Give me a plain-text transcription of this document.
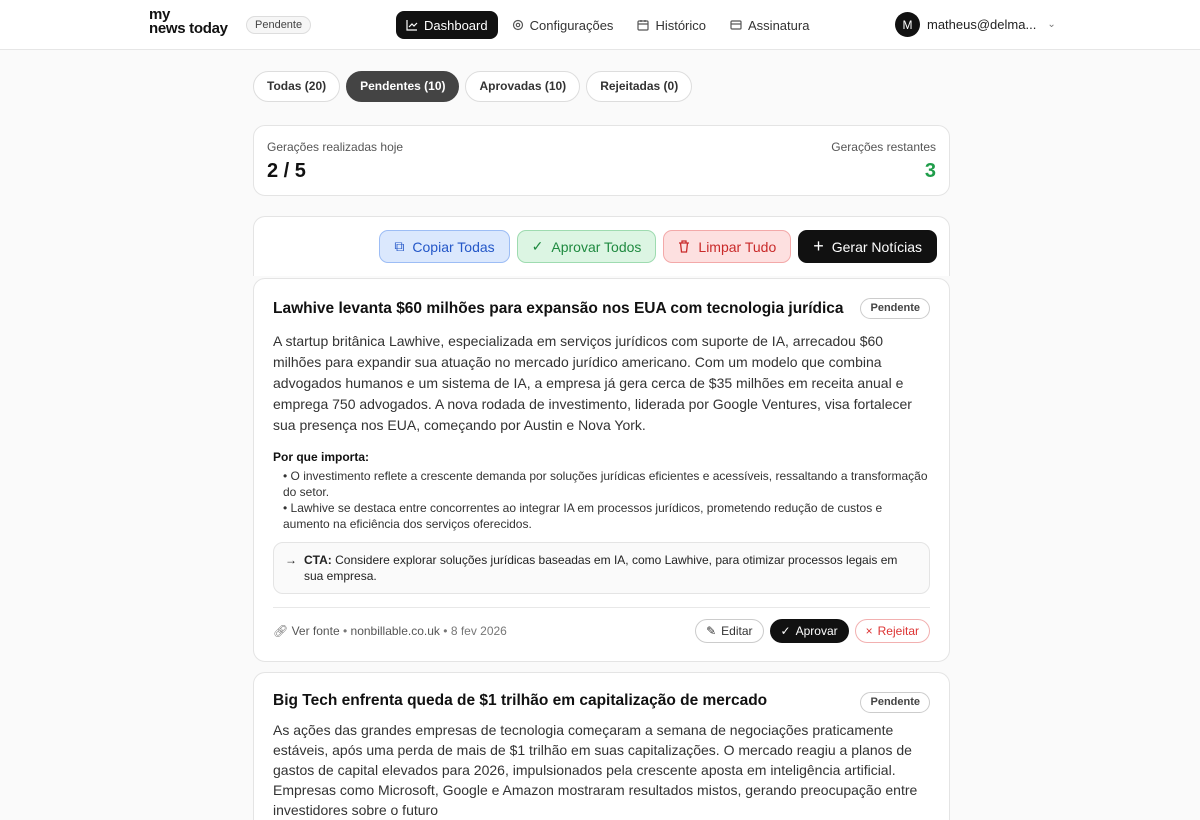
my
news today	Pendente	Dashboard	Configurações	Histórico	Assinatura	M	matheus@delma... ⌄
Todas (20)	Pendentes (10)	Aprovadas (10)	Rejeitadas (0)
Gerações realizadas hoje
2 / 5
Gerações restantes
3
⧉ Copiar Todas	✓ Aprovar Todos	Limpar Tudo + Gerar Notícias
Lawhive levanta $60 milhões para expansão nos EUA com tecnologia jurídica	Pendente
A startup britânica Lawhive, especializada em serviços jurídicos com suporte de IA, arrecadou $60 milhões para expandir sua atuação no mercado jurídico americano. Com um modelo que combina advogados humanos e um sistema de IA, a empresa já gera cerca de $35 milhões em receita anual e emprega 750 advogados. A nova rodada de investimento, liderada por Google Ventures, visa fortalecer sua presença nos EUA, começando por Austin e Nova York.
Por que importa:
• O investimento reflete a crescente demanda por soluções jurídicas eficientes e acessíveis, ressaltando a transformação do setor.
• Lawhive se destaca entre concorrentes ao integrar IA em processos jurídicos, prometendo redução de custos e aumento na eficiência dos serviços oferecidos.
→ CTA: Considere explorar soluções jurídicas baseadas em IA, como Lawhive, para otimizar processos legais em sua empresa.
🔗︎ Ver fonte • nonbillable.co.uk • 8 fev 2026	✎ Editar ✓ Aprovar × Rejeitar
Big Tech enfrenta queda de $1 trilhão em capitalização de mercado	Pendente
As ações das grandes empresas de tecnologia começaram a semana de negociações praticamente estáveis, após uma perda de mais de $1 trilhão em suas capitalizações. O mercado reagiu a planos de gastos de capital elevados para 2026, impulsionados pela crescente aposta em inteligência artificial. Empresas como Microsoft, Google e Amazon mostraram resultados mistos, gerando preocupação entre investidores sobre o futuro
